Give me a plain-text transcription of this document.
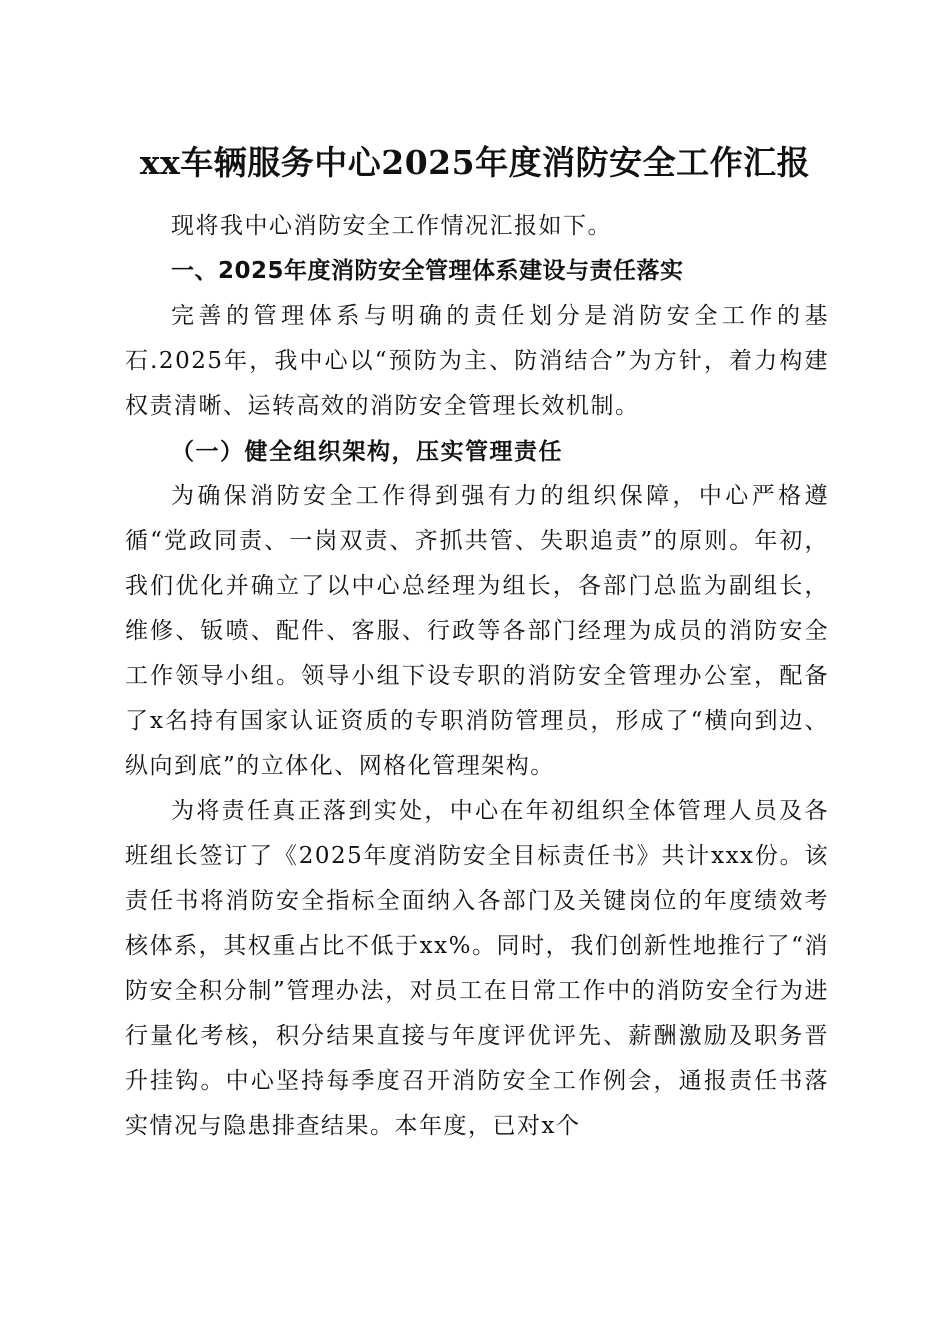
xx车辆服务中心2025年度消防安全工作汇报

现将我中心消防安全工作情况汇报如下。

一、2025年度消防安全管理体系建设与责任落实

完善的管理体系与明确的责任划分是消防安全工作的基石.2025年，我中心以“预防为主、防消结合”为方针，着力构建权责清晰、运转高效的消防安全管理长效机制。

（一）健全组织架构，压实管理责任

为确保消防安全工作得到强有力的组织保障，中心严格遵循“党政同责、一岗双责、齐抓共管、失职追责”的原则。年初，我们优化并确立了以中心总经理为组长，各部门总监为副组长，维修、钣喷、配件、客服、行政等各部门经理为成员的消防安全工作领导小组。领导小组下设专职的消防安全管理办公室，配备了x名持有国家认证资质的专职消防管理员，形成了“横向到边、纵向到底”的立体化、网格化管理架构。

为将责任真正落到实处，中心在年初组织全体管理人员及各班组长签订了《2025年度消防安全目标责任书》共计xxx份。该责任书将消防安全指标全面纳入各部门及关键岗位的年度绩效考核体系，其权重占比不低于xx%。同时，我们创新性地推行了“消防安全积分制”管理办法，对员工在日常工作中的消防安全行为进行量化考核，积分结果直接与年度评优评先、薪酬激励及职务晋升挂钩。中心坚持每季度召开消防安全工作例会，通报责任书落实情况与隐患排查结果。本年度，已对x个
